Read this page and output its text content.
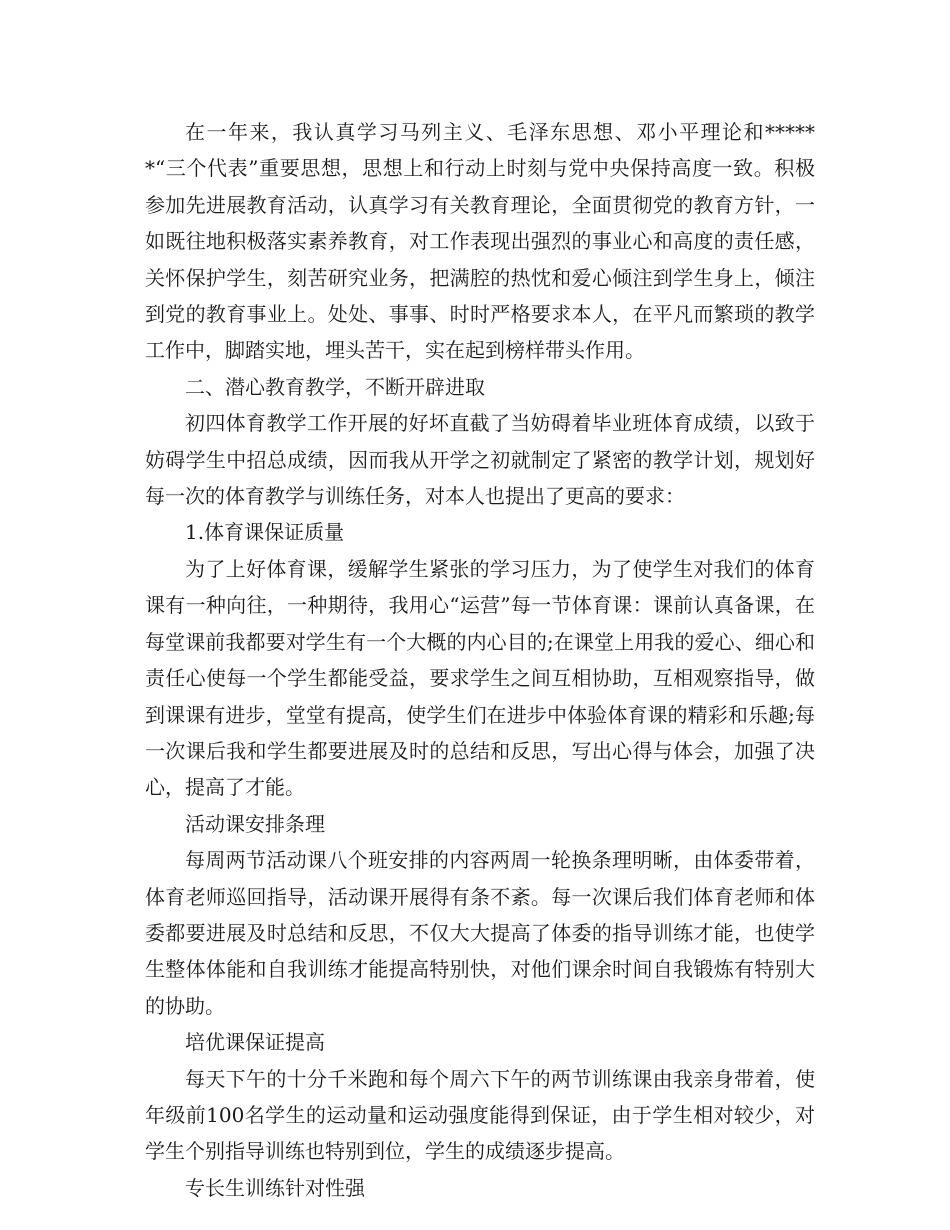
在一年来，我认真学习马列主义、毛泽东思想、邓小平理论和******“三个代表”重要思想，思想上和行动上时刻与党中央保持高度一致。积极参加先进展教育活动，认真学习有关教育理论，全面贯彻党的教育方针，一如既往地积极落实素养教育，对工作表现出强烈的事业心和高度的责任感，关怀保护学生，刻苦研究业务，把满腔的热忱和爱心倾注到学生身上，倾注到党的教育事业上。处处、事事、时时严格要求本人，在平凡而繁琐的教学工作中，脚踏实地，埋头苦干，实在起到榜样带头作用。

二、潜心教育教学，不断开辟进取

初四体育教学工作开展的好坏直截了当妨碍着毕业班体育成绩，以致于妨碍学生中招总成绩，因而我从开学之初就制定了紧密的教学计划，规划好每一次的体育教学与训练任务，对本人也提出了更高的要求：

1.体育课保证质量

为了上好体育课，缓解学生紧张的学习压力，为了使学生对我们的体育课有一种向往，一种期待，我用心“运营”每一节体育课：课前认真备课，在每堂课前我都要对学生有一个大概的内心目的;在课堂上用我的爱心、细心和责任心使每一个学生都能受益，要求学生之间互相协助，互相观察指导，做到课课有进步，堂堂有提高，使学生们在进步中体验体育课的精彩和乐趣;每一次课后我和学生都要进展及时的总结和反思，写出心得与体会，加强了决心，提高了才能。

活动课安排条理

每周两节活动课八个班安排的内容两周一轮换条理明晰，由体委带着，体育老师巡回指导，活动课开展得有条不紊。每一次课后我们体育老师和体委都要进展及时总结和反思，不仅大大提高了体委的指导训练才能，也使学生整体体能和自我训练才能提高特别快，对他们课余时间自我锻炼有特别大的协助。

培优课保证提高

每天下午的十分千米跑和每个周六下午的两节训练课由我亲身带着，使年级前100名学生的运动量和运动强度能得到保证，由于学生相对较少，对学生个别指导训练也特别到位，学生的成绩逐步提高。

专长生训练针对性强
